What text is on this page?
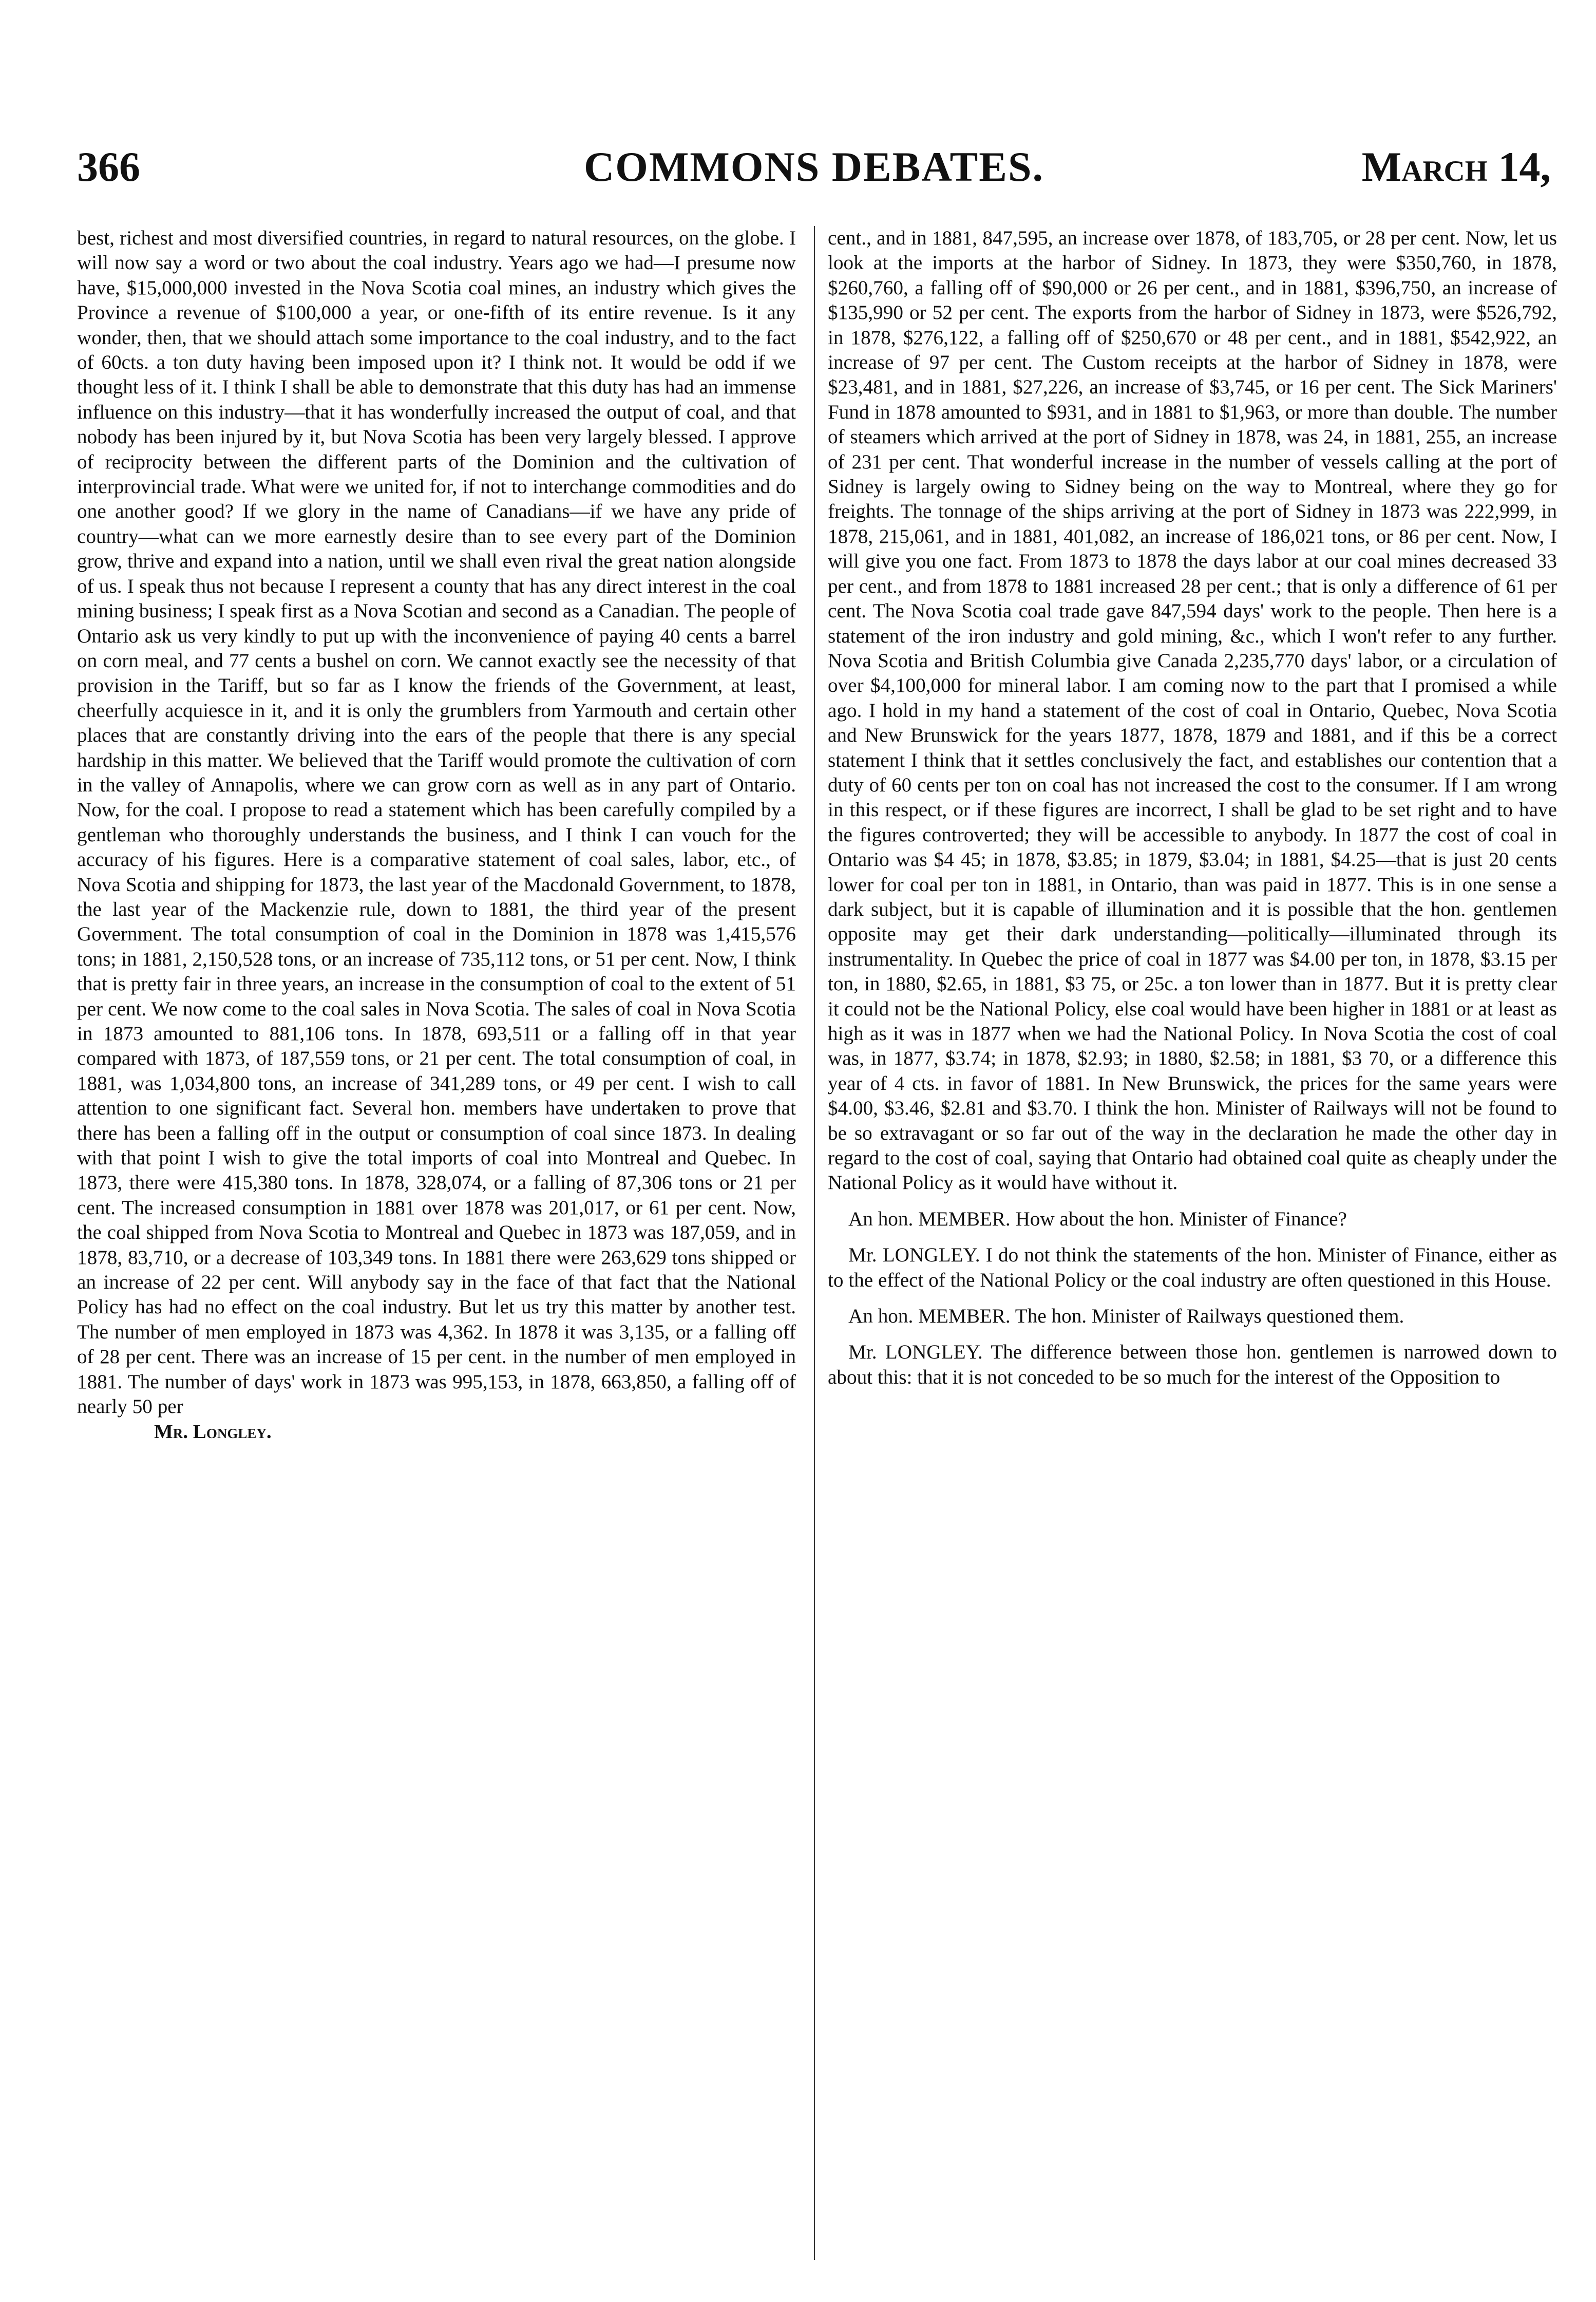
366	COMMONS DEBATES.	March 14,

best, richest and most diversified countries, in regard to natural resources, on the globe. I will now say a word or two about the coal industry. Years ago we had—I presume now have, $15,000,000 invested in the Nova Scotia coal mines, an industry which gives the Province a revenue of $100,000 a year, or one-fifth of its entire revenue. Is it any wonder, then, that we should attach some importance to the coal industry, and to the fact of 60cts. a ton duty having been imposed upon it? I think not. It would be odd if we thought less of it. I think I shall be able to demonstrate that this duty has had an immense influence on this industry—that it has wonderfully increased the output of coal, and that nobody has been injured by it, but Nova Scotia has been very largely blessed. I approve of reciprocity between the different parts of the Dominion and the cultivation of interprovincial trade. What were we united for, if not to interchange commodities and do one another good? If we glory in the name of Canadians—if we have any pride of country—what can we more earnestly desire than to see every part of the Dominion grow, thrive and expand into a nation, until we shall even rival the great nation alongside of us. I speak thus not because I represent a county that has any direct interest in the coal mining business; I speak first as a Nova Scotian and second as a Canadian. The people of Ontario ask us very kindly to put up with the inconvenience of paying 40 cents a barrel on corn meal, and 77 cents a bushel on corn. We cannot exactly see the necessity of that provision in the Tariff, but so far as I know the friends of the Government, at least, cheerfully acquiesce in it, and it is only the grumblers from Yarmouth and certain other places that are constantly driving into the ears of the people that there is any special hardship in this matter. We believed that the Tariff would promote the cultivation of corn in the valley of Annapolis, where we can grow corn as well as in any part of Ontario. Now, for the coal. I propose to read a statement which has been carefully compiled by a gentleman who thoroughly understands the business, and I think I can vouch for the accuracy of his figures. Here is a comparative statement of coal sales, labor, etc., of Nova Scotia and shipping for 1873, the last year of the Macdonald Government, to 1878, the last year of the Mackenzie rule, down to 1881, the third year of the present Government. The total consumption of coal in the Dominion in 1878 was 1,415,576 tons; in 1881, 2,150,528 tons, or an increase of 735,112 tons, or 51 per cent. Now, I think that is pretty fair in three years, an increase in the consumption of coal to the extent of 51 per cent. We now come to the coal sales in Nova Scotia. The sales of coal in Nova Scotia in 1873 amounted to 881,106 tons. In 1878, 693,511 or a falling off in that year compared with 1873, of 187,559 tons, or 21 per cent. The total consumption of coal, in 1881, was 1,034,800 tons, an increase of 341,289 tons, or 49 per cent. I wish to call attention to one significant fact. Several hon. members have undertaken to prove that there has been a falling off in the output or consumption of coal since 1873. In dealing with that point I wish to give the total imports of coal into Montreal and Quebec. In 1873, there were 415,380 tons. In 1878, 328,074, or a falling of 87,306 tons or 21 per cent. The increased consumption in 1881 over 1878 was 201,017, or 61 per cent. Now, the coal shipped from Nova Scotia to Montreal and Quebec in 1873 was 187,059, and in 1878, 83,710, or a decrease of 103,349 tons. In 1881 there were 263,629 tons shipped or an increase of 22 per cent. Will anybody say in the face of that fact that the National Policy has had no effect on the coal industry. But let us try this matter by another test. The number of men employed in 1873 was 4,362. In 1878 it was 3,135, or a falling off of 28 per cent. There was an increase of 15 per cent. in the number of men employed in 1881. The number of days' work in 1873 was 995,153, in 1878, 663,850, a falling off of nearly 50 per

Mr. Longley.

cent., and in 1881, 847,595, an increase over 1878, of 183,705, or 28 per cent. Now, let us look at the imports at the harbor of Sidney. In 1873, they were $350,760, in 1878, $260,760, a falling off of $90,000 or 26 per cent., and in 1881, $396,750, an increase of $135,990 or 52 per cent. The exports from the harbor of Sidney in 1873, were $526,792, in 1878, $276,122, a falling off of $250,670 or 48 per cent., and in 1881, $542,922, an increase of 97 per cent. The Custom receipts at the harbor of Sidney in 1878, were $23,481, and in 1881, $27,226, an increase of $3,745, or 16 per cent. The Sick Mariners' Fund in 1878 amounted to $931, and in 1881 to $1,963, or more than double. The number of steamers which arrived at the port of Sidney in 1878, was 24, in 1881, 255, an increase of 231 per cent. That wonderful increase in the number of vessels calling at the port of Sidney is largely owing to Sidney being on the way to Montreal, where they go for freights. The tonnage of the ships arriving at the port of Sidney in 1873 was 222,999, in 1878, 215,061, and in 1881, 401,082, an increase of 186,021 tons, or 86 per cent. Now, I will give you one fact. From 1873 to 1878 the days labor at our coal mines decreased 33 per cent., and from 1878 to 1881 increased 28 per cent.; that is only a difference of 61 per cent. The Nova Scotia coal trade gave 847,594 days' work to the people. Then here is a statement of the iron industry and gold mining, &c., which I won't refer to any further. Nova Scotia and British Columbia give Canada 2,235,770 days' labor, or a circulation of over $4,100,000 for mineral labor. I am coming now to the part that I promised a while ago. I hold in my hand a statement of the cost of coal in Ontario, Quebec, Nova Scotia and New Brunswick for the years 1877, 1878, 1879 and 1881, and if this be a correct statement I think that it settles conclusively the fact, and establishes our contention that a duty of 60 cents per ton on coal has not increased the cost to the consumer. If I am wrong in this respect, or if these figures are incorrect, I shall be glad to be set right and to have the figures controverted; they will be accessible to anybody. In 1877 the cost of coal in Ontario was $4 45; in 1878, $3.85; in 1879, $3.04; in 1881, $4.25—that is just 20 cents lower for coal per ton in 1881, in Ontario, than was paid in 1877. This is in one sense a dark subject, but it is capable of illumination and it is possible that the hon. gentlemen opposite may get their dark understanding—politically—illuminated through its instrumentality. In Quebec the price of coal in 1877 was $4.00 per ton, in 1878, $3.15 per ton, in 1880, $2.65, in 1881, $3 75, or 25c. a ton lower than in 1877. But it is pretty clear it could not be the National Policy, else coal would have been higher in 1881 or at least as high as it was in 1877 when we had the National Policy. In Nova Scotia the cost of coal was, in 1877, $3.74; in 1878, $2.93; in 1880, $2.58; in 1881, $3 70, or a difference this year of 4 cts. in favor of 1881. In New Brunswick, the prices for the same years were $4.00, $3.46, $2.81 and $3.70. I think the hon. Minister of Railways will not be found to be so extravagant or so far out of the way in the declaration he made the other day in regard to the cost of coal, saying that Ontario had obtained coal quite as cheaply under the National Policy as it would have without it.

An hon. MEMBER. How about the hon. Minister of Finance?

Mr. LONGLEY. I do not think the statements of the hon. Minister of Finance, either as to the effect of the National Policy or the coal industry are often questioned in this House.

An hon. MEMBER. The hon. Minister of Railways questioned them.

Mr. LONGLEY. The difference between those hon. gentlemen is narrowed down to about this: that it is not conceded to be so much for the interest of the Opposition to
